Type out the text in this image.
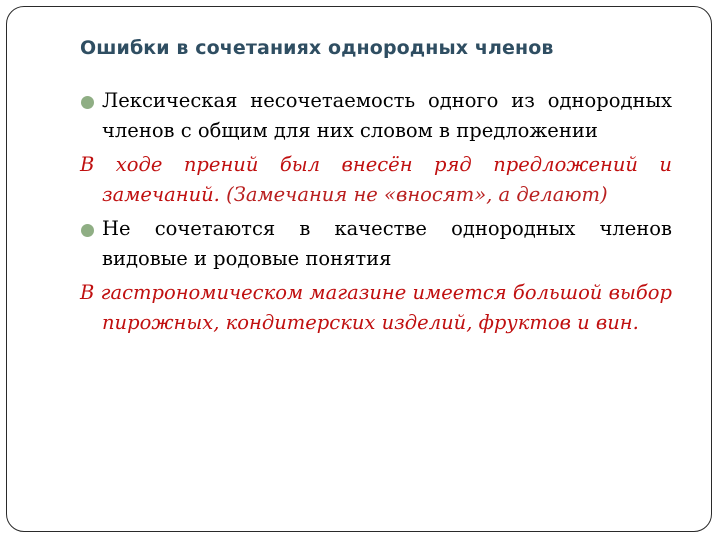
Ошибки в сочетаниях однородных членов
Лексическая несочетаемость одного из однородных членов с общим для них словом в предложении
В ходе прений был внесён ряд предложений и замечаний. (Замечания не «вносят», а делают)
Не сочетаются в качестве однородных членов видовые и родовые понятия
В гастрономическом магазине имеется большой выбор пирожных, кондитерских изделий, фруктов и вин.
